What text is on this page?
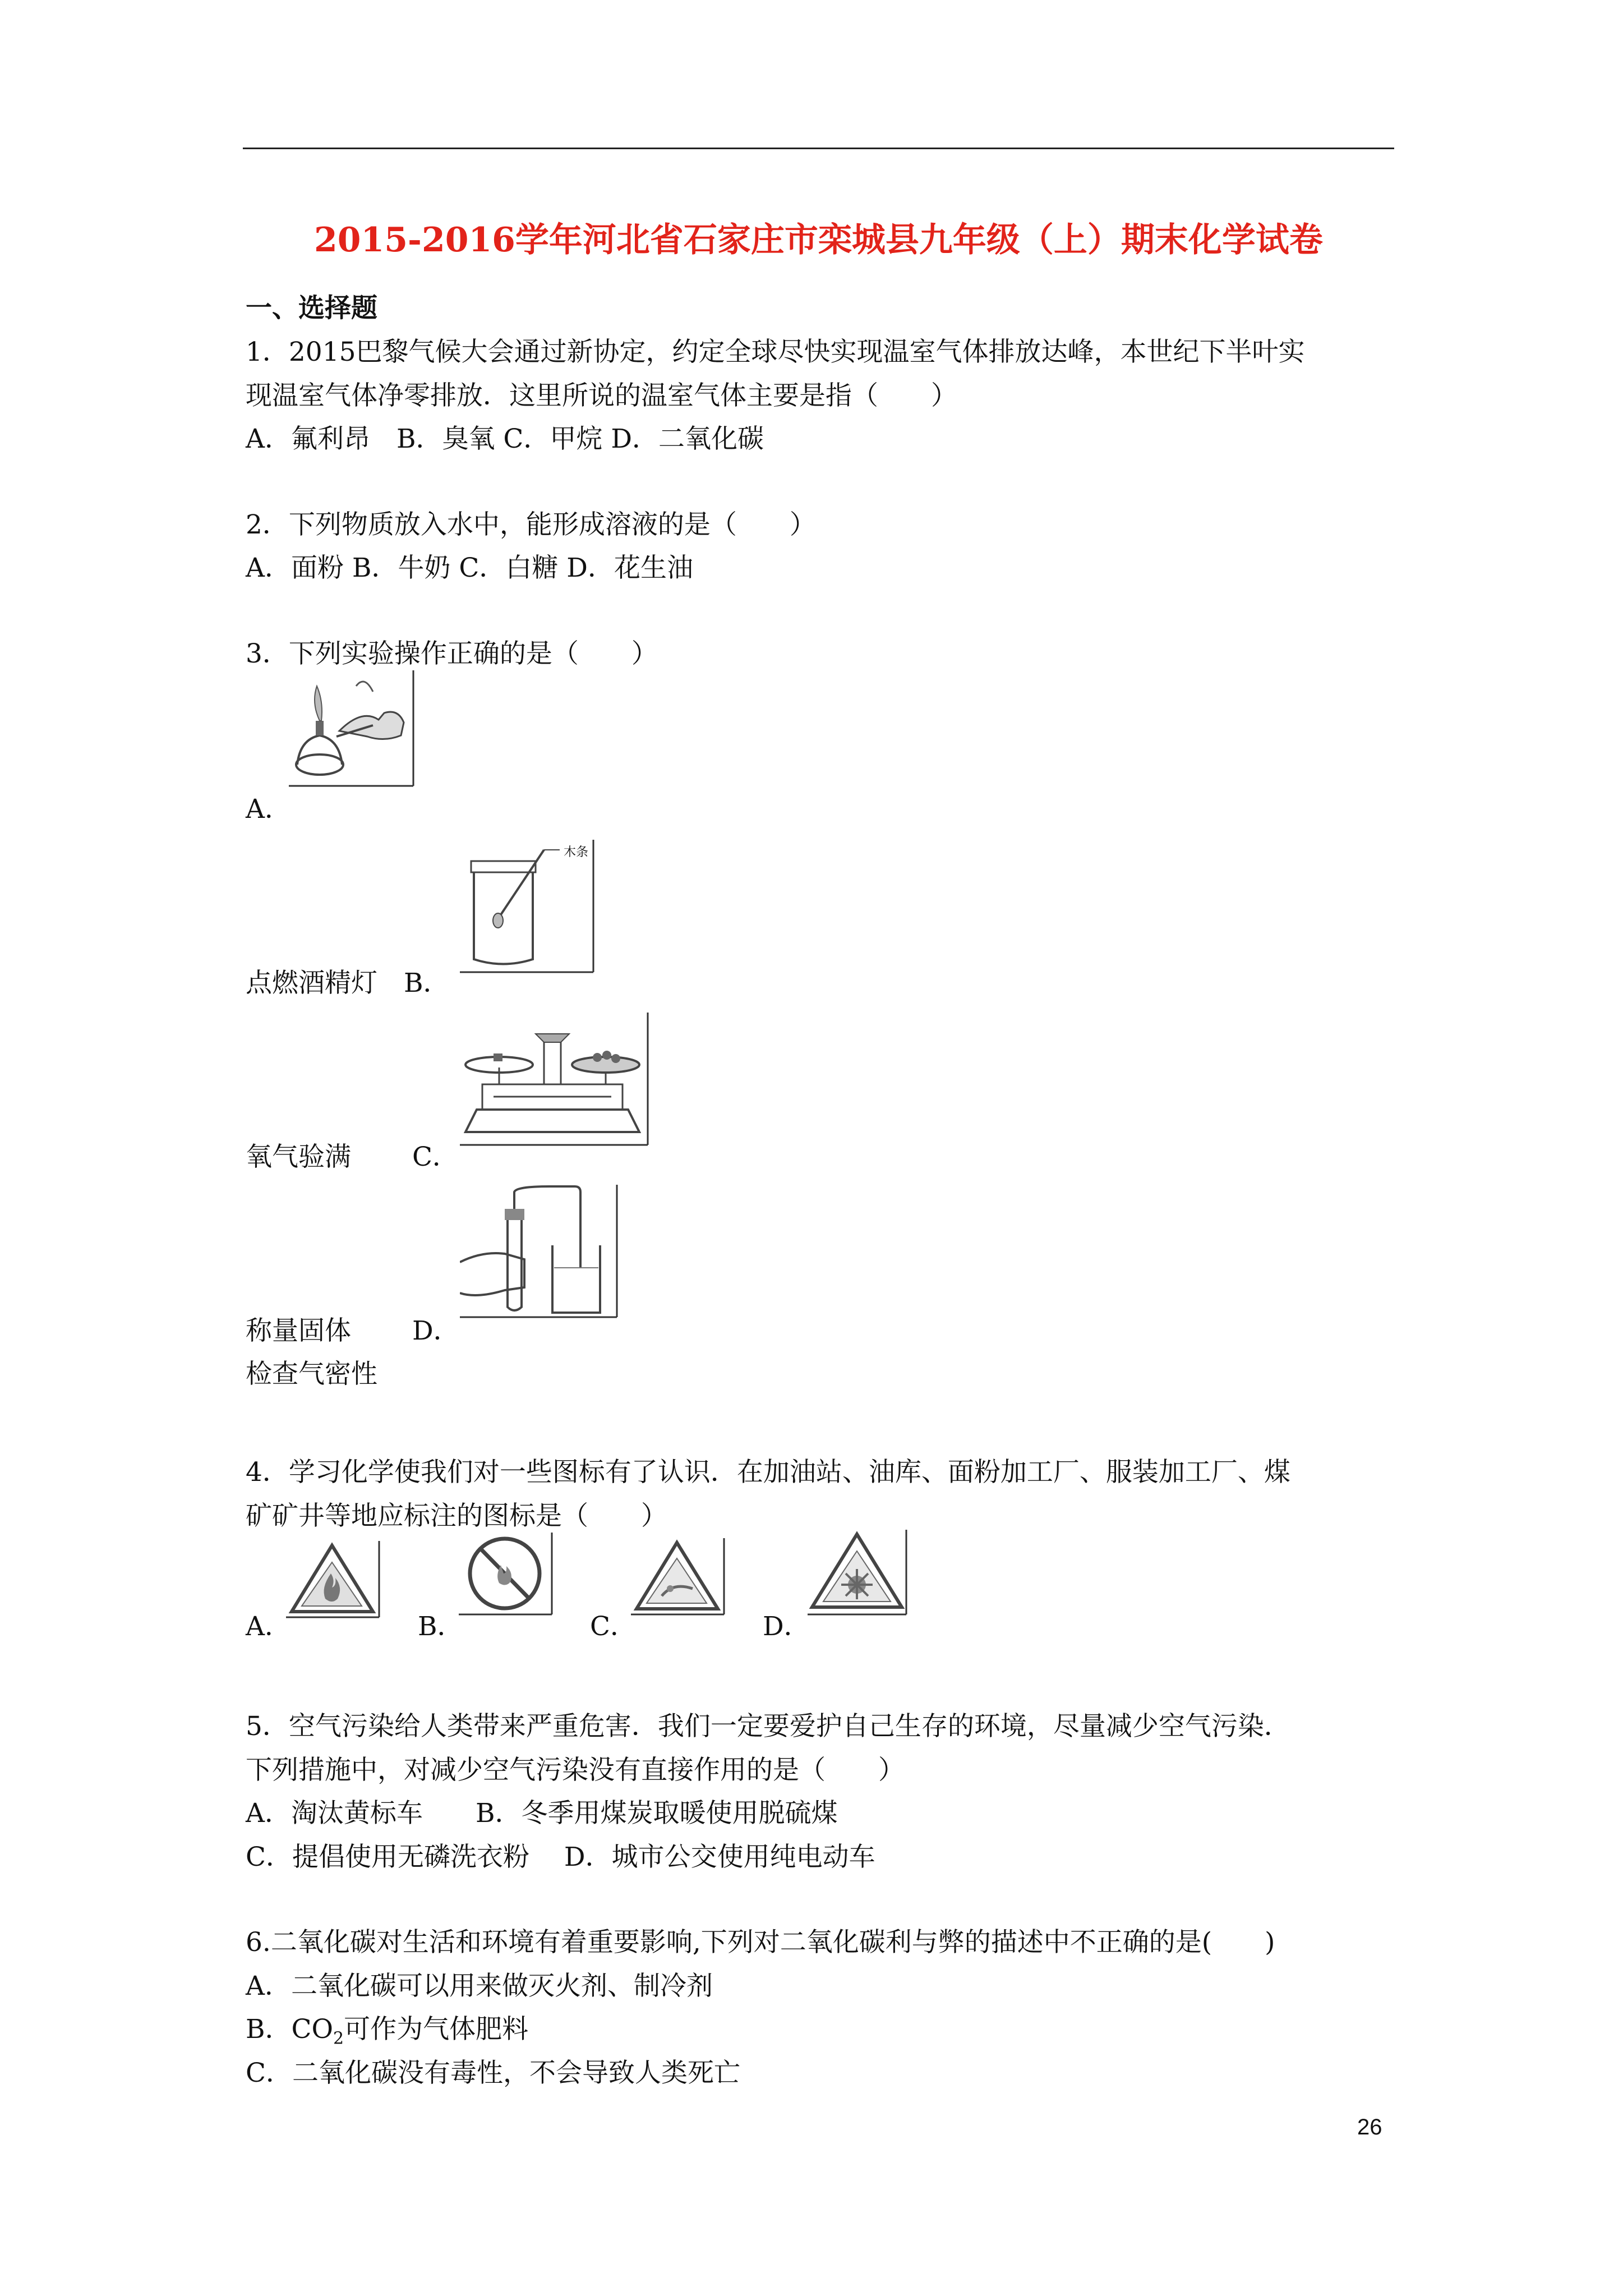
2015-2016学年河北省石家庄市栾城县九年级（上）期末化学试卷
一、选择题
1．2015巴黎气候大会通过新协定，约定全球尽快实现温室气体排放达峰，本世纪下半叶实
现温室气体净零排放．这里所说的温室气体主要是指（　　）
A．氟利昂　B．臭氧 C．甲烷 D．二氧化碳
2．下列物质放入水中，能形成溶液的是（　　）
A．面粉 B．牛奶 C．白糖 D．花生油
3．下列实验操作正确的是（　　）
A．
木条
点燃酒精灯　 B．
氧气验满　　 C．
称量固体　　 D．
检查气密性
4．学习化学使我们对一些图标有了认识．在加油站、油库、面粉加工厂、服装加工厂、煤
矿矿井等地应标注的图标是（　　）
A．	B．	C．	D．
5．空气污染给人类带来严重危害．我们一定要爱护自己生存的环境，尽量减少空气污染．
下列措施中，对减少空气污染没有直接作用的是（　　）
A．淘汰黄标车　　B．冬季用煤炭取暖使用脱硫煤
C．提倡使用无磷洗衣粉　 D．城市公交使用纯电动车
6.二氧化碳对生活和环境有着重要影响,下列对二氧化碳利与弊的描述中不正确的是(　　)
A．二氧化碳可以用来做灭火剂、制冷剂
B．$CO_2$可作为气体肥料
C．二氧化碳没有毒性，不会导致人类死亡
26
